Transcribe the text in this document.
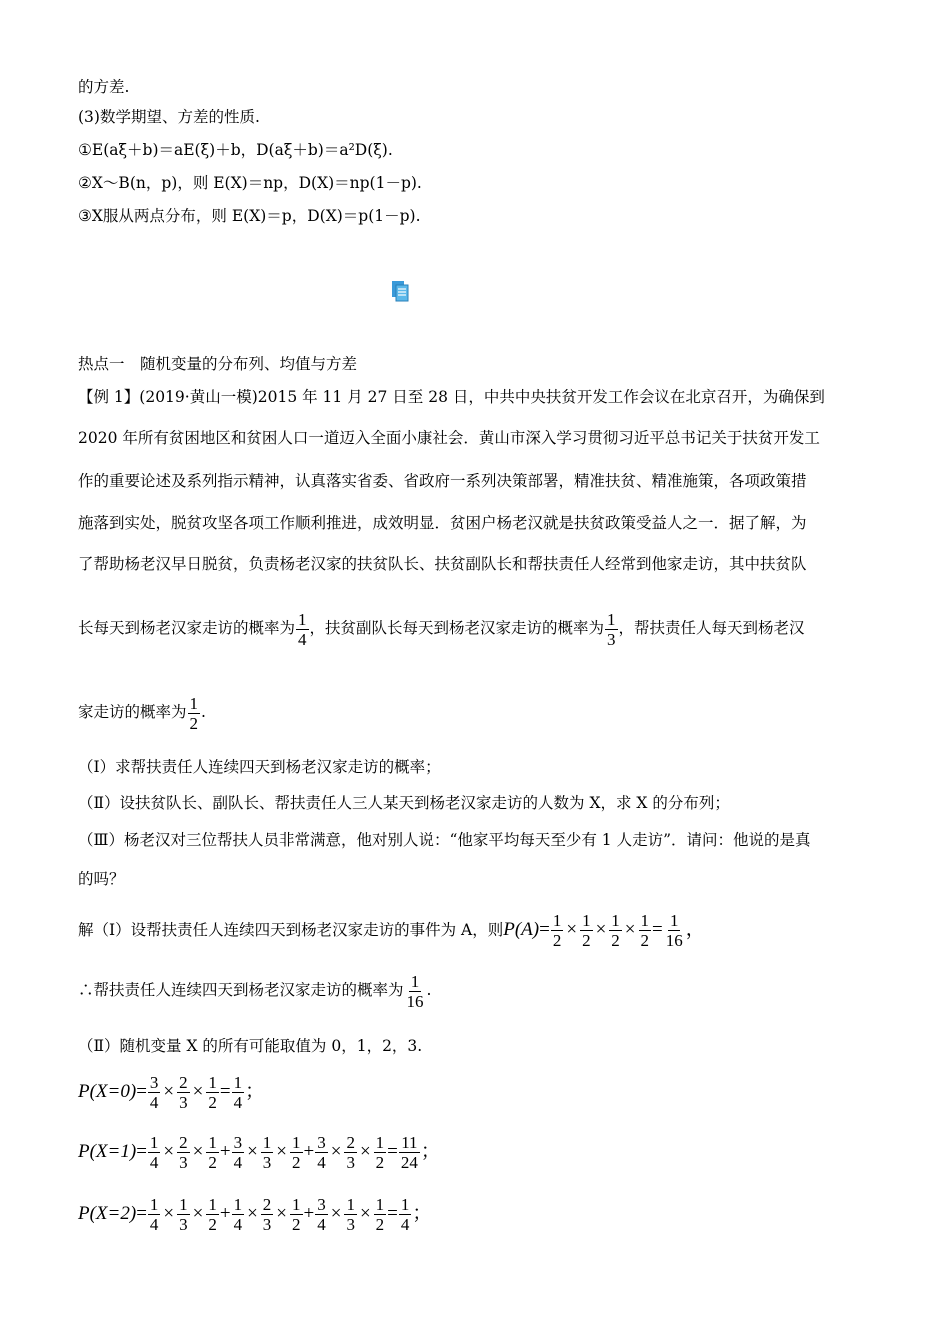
的方差.
(3)数学期望、方差的性质.
①E(aξ＋b)＝aE(ξ)＋b，D(aξ＋b)＝a²D(ξ).
②X～B(n，p)，则 E(X)＝np，D(X)＝np(1－p).
③X服从两点分布，则 E(X)＝p，D(X)＝p(1－p).
热点一　随机变量的分布列、均值与方差
【例 1】(2019·黄山一模)2015 年 11 月 27 日至 28 日，中共中央扶贫开发工作会议在北京召开，为确保到
2020 年所有贫困地区和贫困人口一道迈入全面小康社会．黄山市深入学习贯彻习近平总书记关于扶贫开发工
作的重要论述及系列指示精神，认真落实省委、省政府一系列决策部署，精准扶贫、精准施策，各项政策措
施落到实处，脱贫攻坚各项工作顺利推进，成效明显．贫困户杨老汉就是扶贫政策受益人之一．据了解，为
了帮助杨老汉早日脱贫，负责杨老汉家的扶贫队长、扶贫副队长和帮扶责任人经常到他家走访，其中扶贫队
长每天到杨老汉家走访的概率为 $\frac{1}{4}$ ，扶贫副队长每天到杨老汉家走访的概率为 $\frac{1}{3}$ ，帮扶责任人每天到杨老汉
家走访的概率为 $\frac{1}{2}$ .
（Ⅰ）求帮扶责任人连续四天到杨老汉家走访的概率；
（Ⅱ）设扶贫队长、副队长、帮扶责任人三人某天到杨老汉家走访的人数为 X，求 X 的分布列；
（Ⅲ）杨老汉对三位帮扶人员非常满意，他对别人说：“他家平均每天至少有 1 人走访”．请问：他说的是真
的吗？
解（Ⅰ）设帮扶责任人连续四天到杨老汉家走访的事件为 A，则$P(A)= \frac{1}{2} \times \frac{1}{2} \times \frac{1}{2} \times \frac{1}{2} = \frac{1}{16}$ ，
∴帮扶责任人连续四天到杨老汉家走访的概率为 $\frac{1}{16}$ .
（Ⅱ）随机变量 X 的所有可能取值为 0，1，2，3.
$P(X=0)= \frac{3}{4} \times \frac{2}{3} \times \frac{1}{2} = \frac{1}{4}$ ；
$P(X=1)= \frac{1}{4} \times \frac{2}{3} \times \frac{1}{2} + \frac{3}{4} \times \frac{1}{3} \times \frac{1}{2} + \frac{3}{4} \times \frac{2}{3} \times \frac{1}{2} = \frac{11}{24}$ ；
$P(X=2)= \frac{1}{4} \times \frac{1}{3} \times \frac{1}{2} + \frac{1}{4} \times \frac{2}{3} \times \frac{1}{2} + \frac{3}{4} \times \frac{1}{3} \times \frac{1}{2} = \frac{1}{4}$ ；
